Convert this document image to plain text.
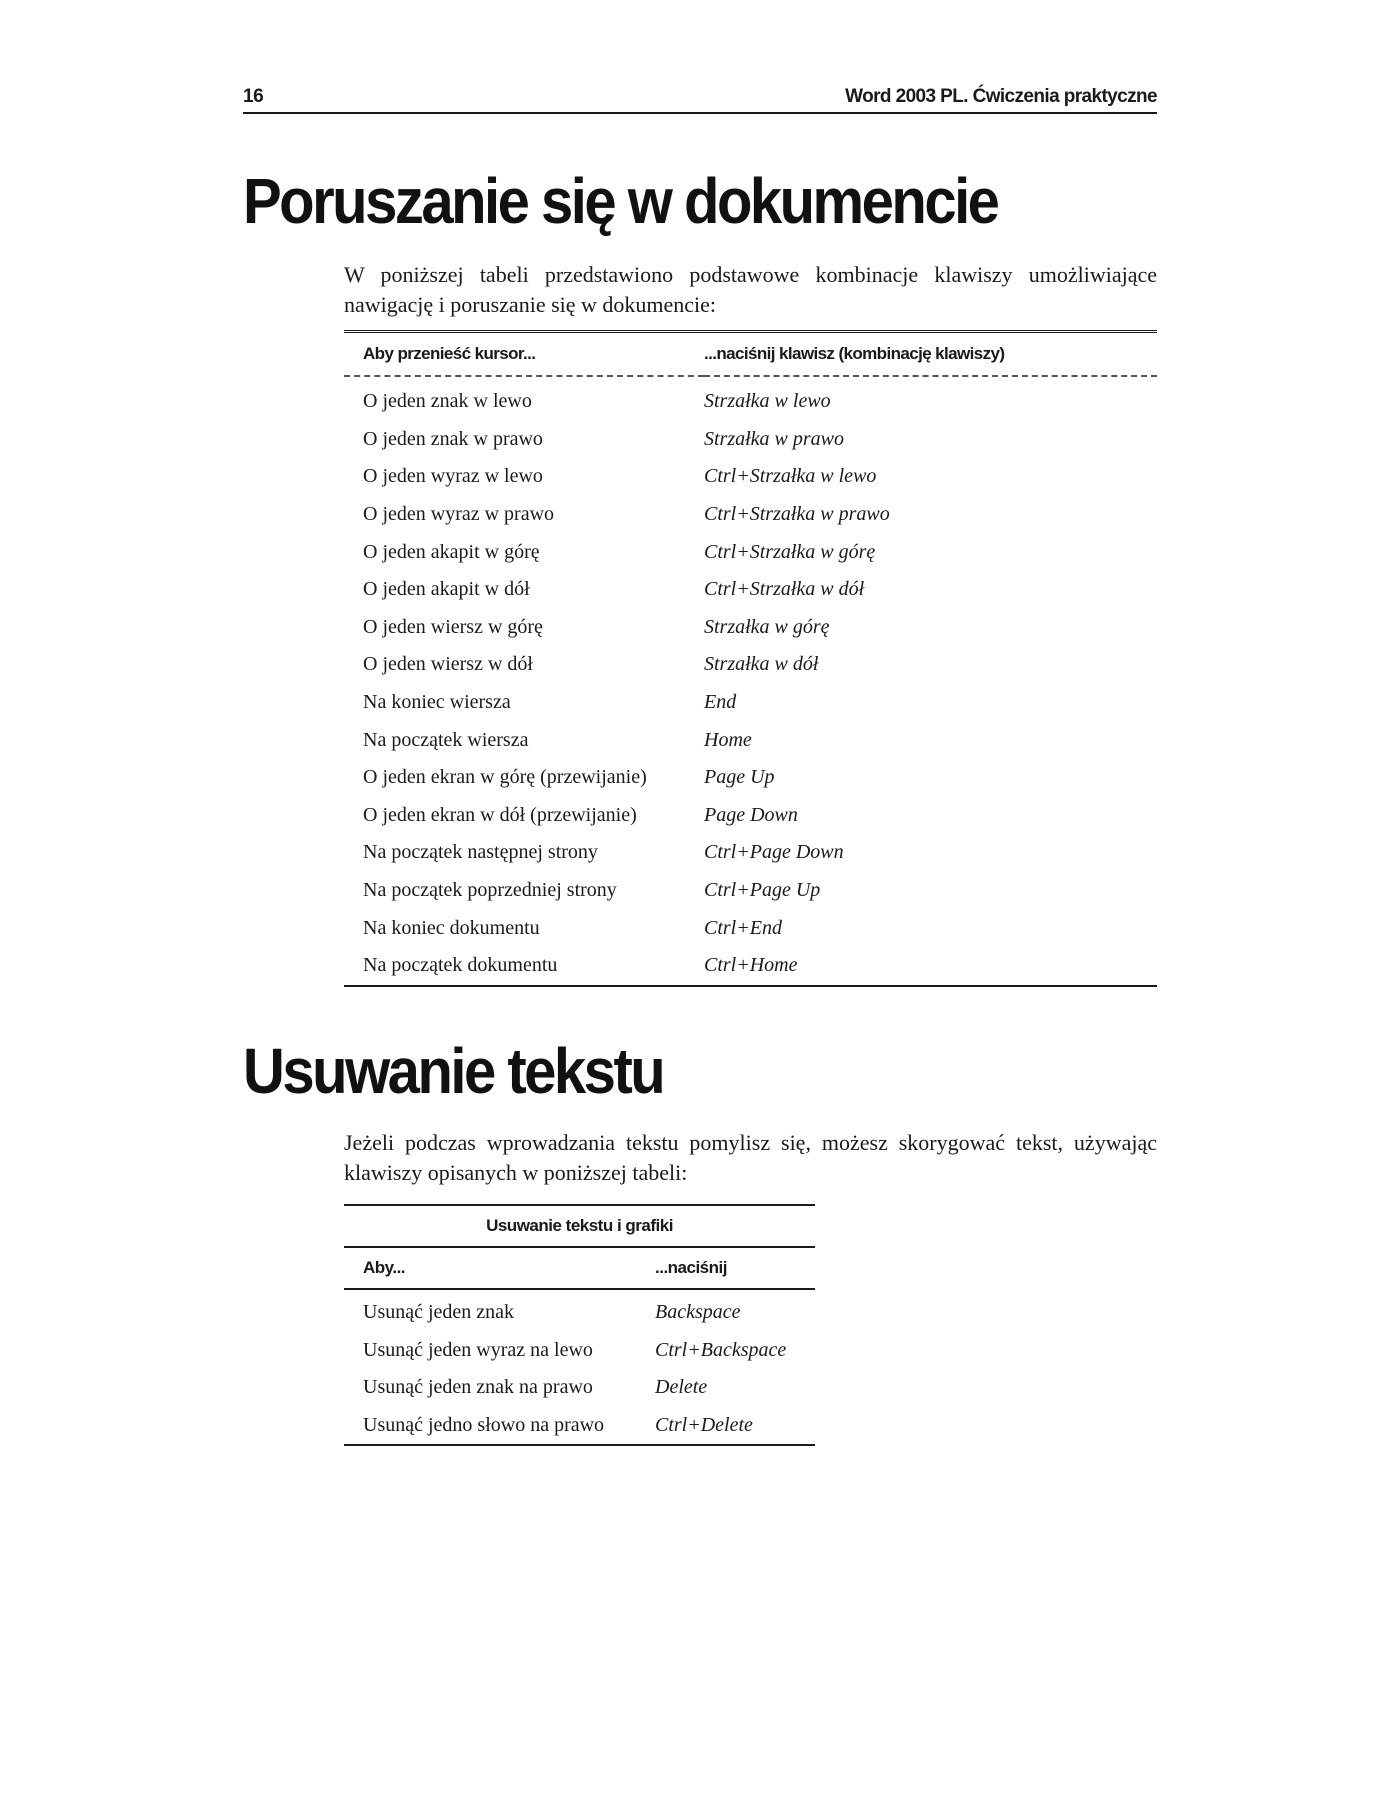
16	Word 2003 PL. Ćwiczenia praktyczne
Poruszanie się w dokumencie

W poniższej tabeli przedstawiono podstawowe kombinacje klawiszy umożliwiające nawigację i poruszanie się w dokumencie:

Aby przenieść kursor...	...naciśnij klawisz (kombinację klawiszy)
O jeden znak w lewo	Strzałka w lewo
O jeden znak w prawo	Strzałka w prawo
O jeden wyraz w lewo	Ctrl+Strzałka w lewo
O jeden wyraz w prawo	Ctrl+Strzałka w prawo
O jeden akapit w górę	Ctrl+Strzałka w górę
O jeden akapit w dół	Ctrl+Strzałka w dół
O jeden wiersz w górę	Strzałka w górę
O jeden wiersz w dół	Strzałka w dół
Na koniec wiersza	End
Na początek wiersza	Home
O jeden ekran w górę (przewijanie)	Page Up
O jeden ekran w dół (przewijanie)	Page Down
Na początek następnej strony	Ctrl+Page Down
Na początek poprzedniej strony	Ctrl+Page Up
Na koniec dokumentu	Ctrl+End
Na początek dokumentu	Ctrl+Home
Usuwanie tekstu

Jeżeli podczas wprowadzania tekstu pomylisz się, możesz skorygować tekst, używając klawiszy opisanych w poniższej tabeli:

Usuwanie tekstu i grafiki	
Aby...	...naciśnij
Usunąć jeden znak	Backspace
Usunąć jeden wyraz na lewo	Ctrl+Backspace
Usunąć jeden znak na prawo	Delete
Usunąć jedno słowo na prawo	Ctrl+Delete
